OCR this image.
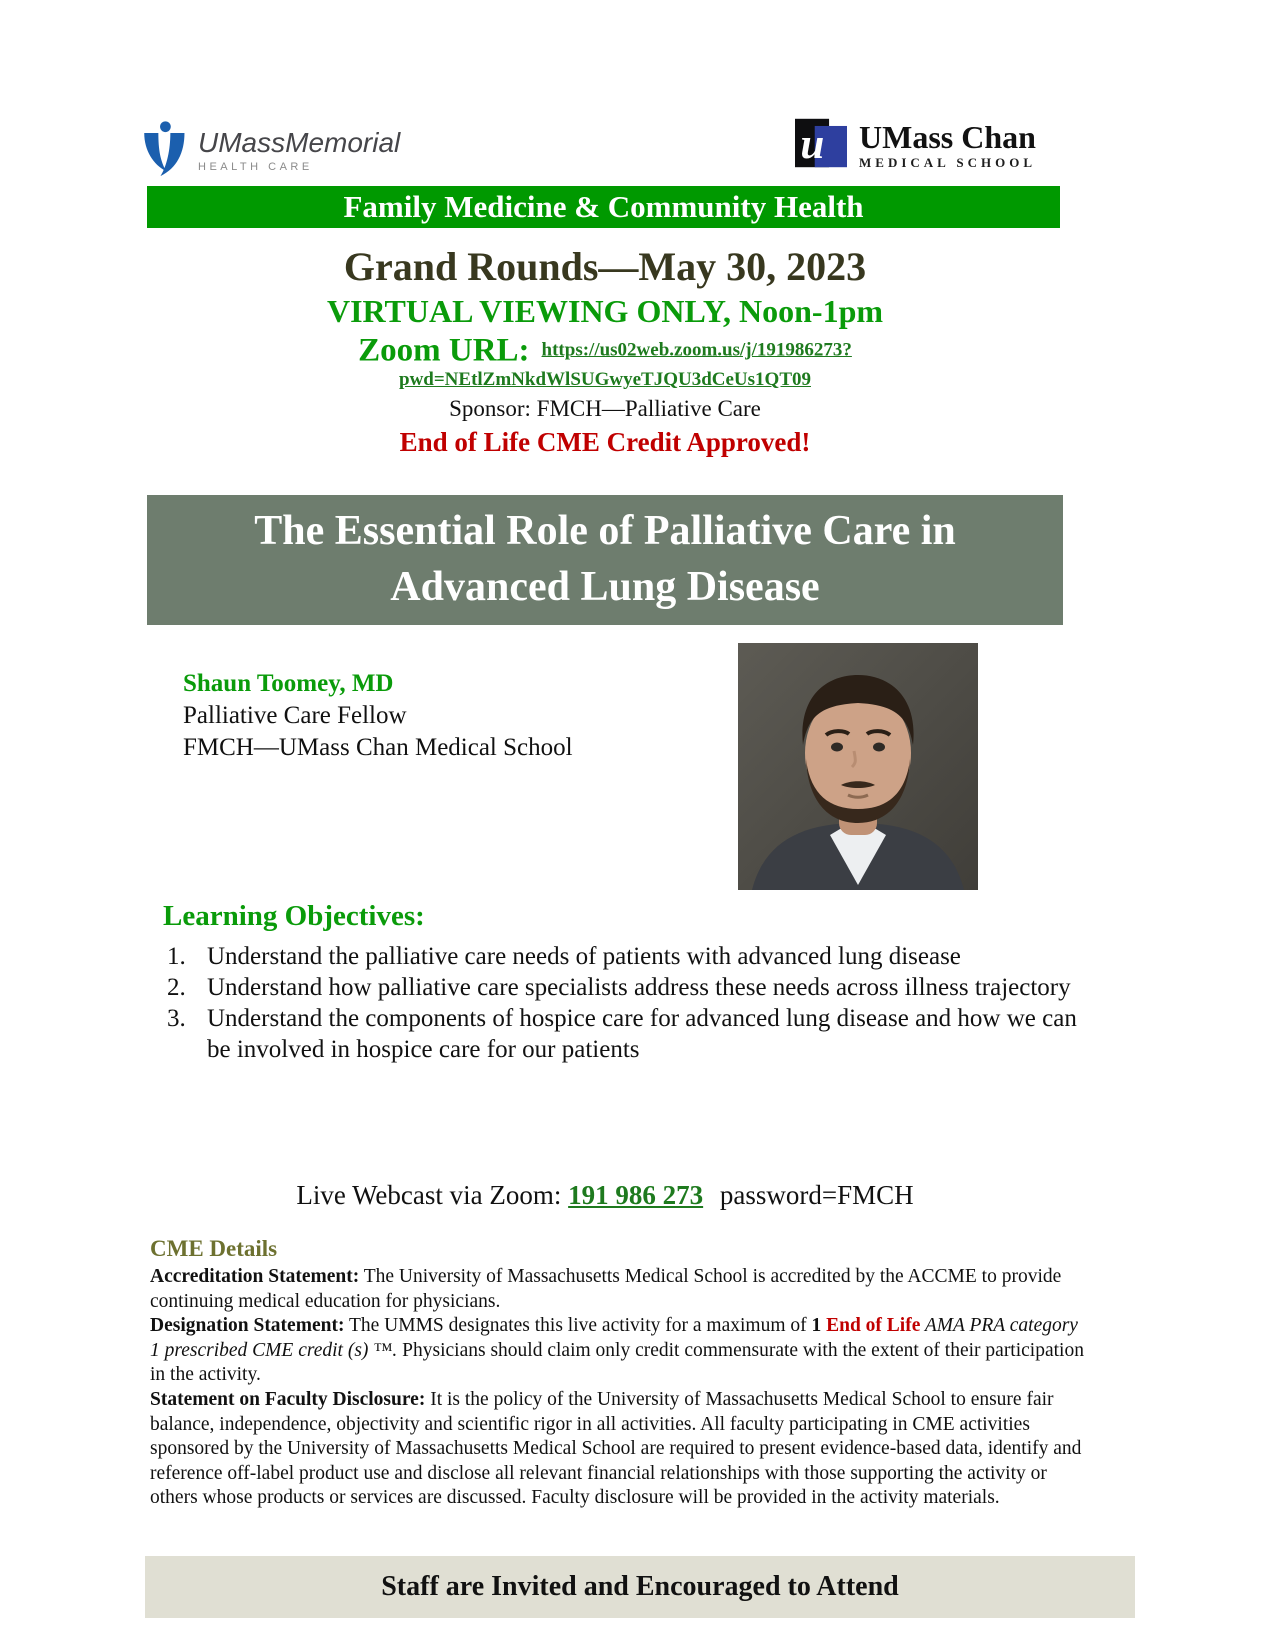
UMassMemorial
HEALTH CARE	u UMass Chan
MEDICAL SCHOOL
Family Medicine & Community Health
Grand Rounds—May 30, 2023
VIRTUAL VIEWING ONLY, Noon-1pm
Zoom URL: https://us02web.zoom.us/j/191986273?
pwd=NEtlZmNkdWlSUGwyeTJQU3dCeUs1QT09
Sponsor: FMCH—Palliative Care
End of Life CME Credit Approved!
The Essential Role of Palliative Care in
Advanced Lung Disease
Shaun Toomey, MD
Palliative Care Fellow
FMCH—UMass Chan Medical School
Learning Objectives:
1. Understand the palliative care needs of patients with advanced lung disease
2. Understand how palliative care specialists address these needs across illness trajectory
3. Understand the components of hospice care for advanced lung disease and how we can be involved in hospice care for our patients
Live Webcast via Zoom: 191 986 273 password=FMCH
CME Details

Accreditation Statement: The University of Massachusetts Medical School is accredited by the ACCME to provide continuing medical education for physicians.

Designation Statement: The UMMS designates this live activity for a maximum of 1 End of Life AMA PRA category 1 prescribed CME credit (s) ™. Physicians should claim only credit commensurate with the extent of their participation in the activity.

Statement on Faculty Disclosure: It is the policy of the University of Massachusetts Medical School to ensure fair balance, independence, objectivity and scientific rigor in all activities. All faculty participating in CME activities sponsored by the University of Massachusetts Medical School are required to present evidence-based data, identify and reference off-label product use and disclose all relevant financial relationships with those supporting the activity or others whose products or services are discussed. Faculty disclosure will be provided in the activity materials.

Staff are Invited and Encouraged to Attend
